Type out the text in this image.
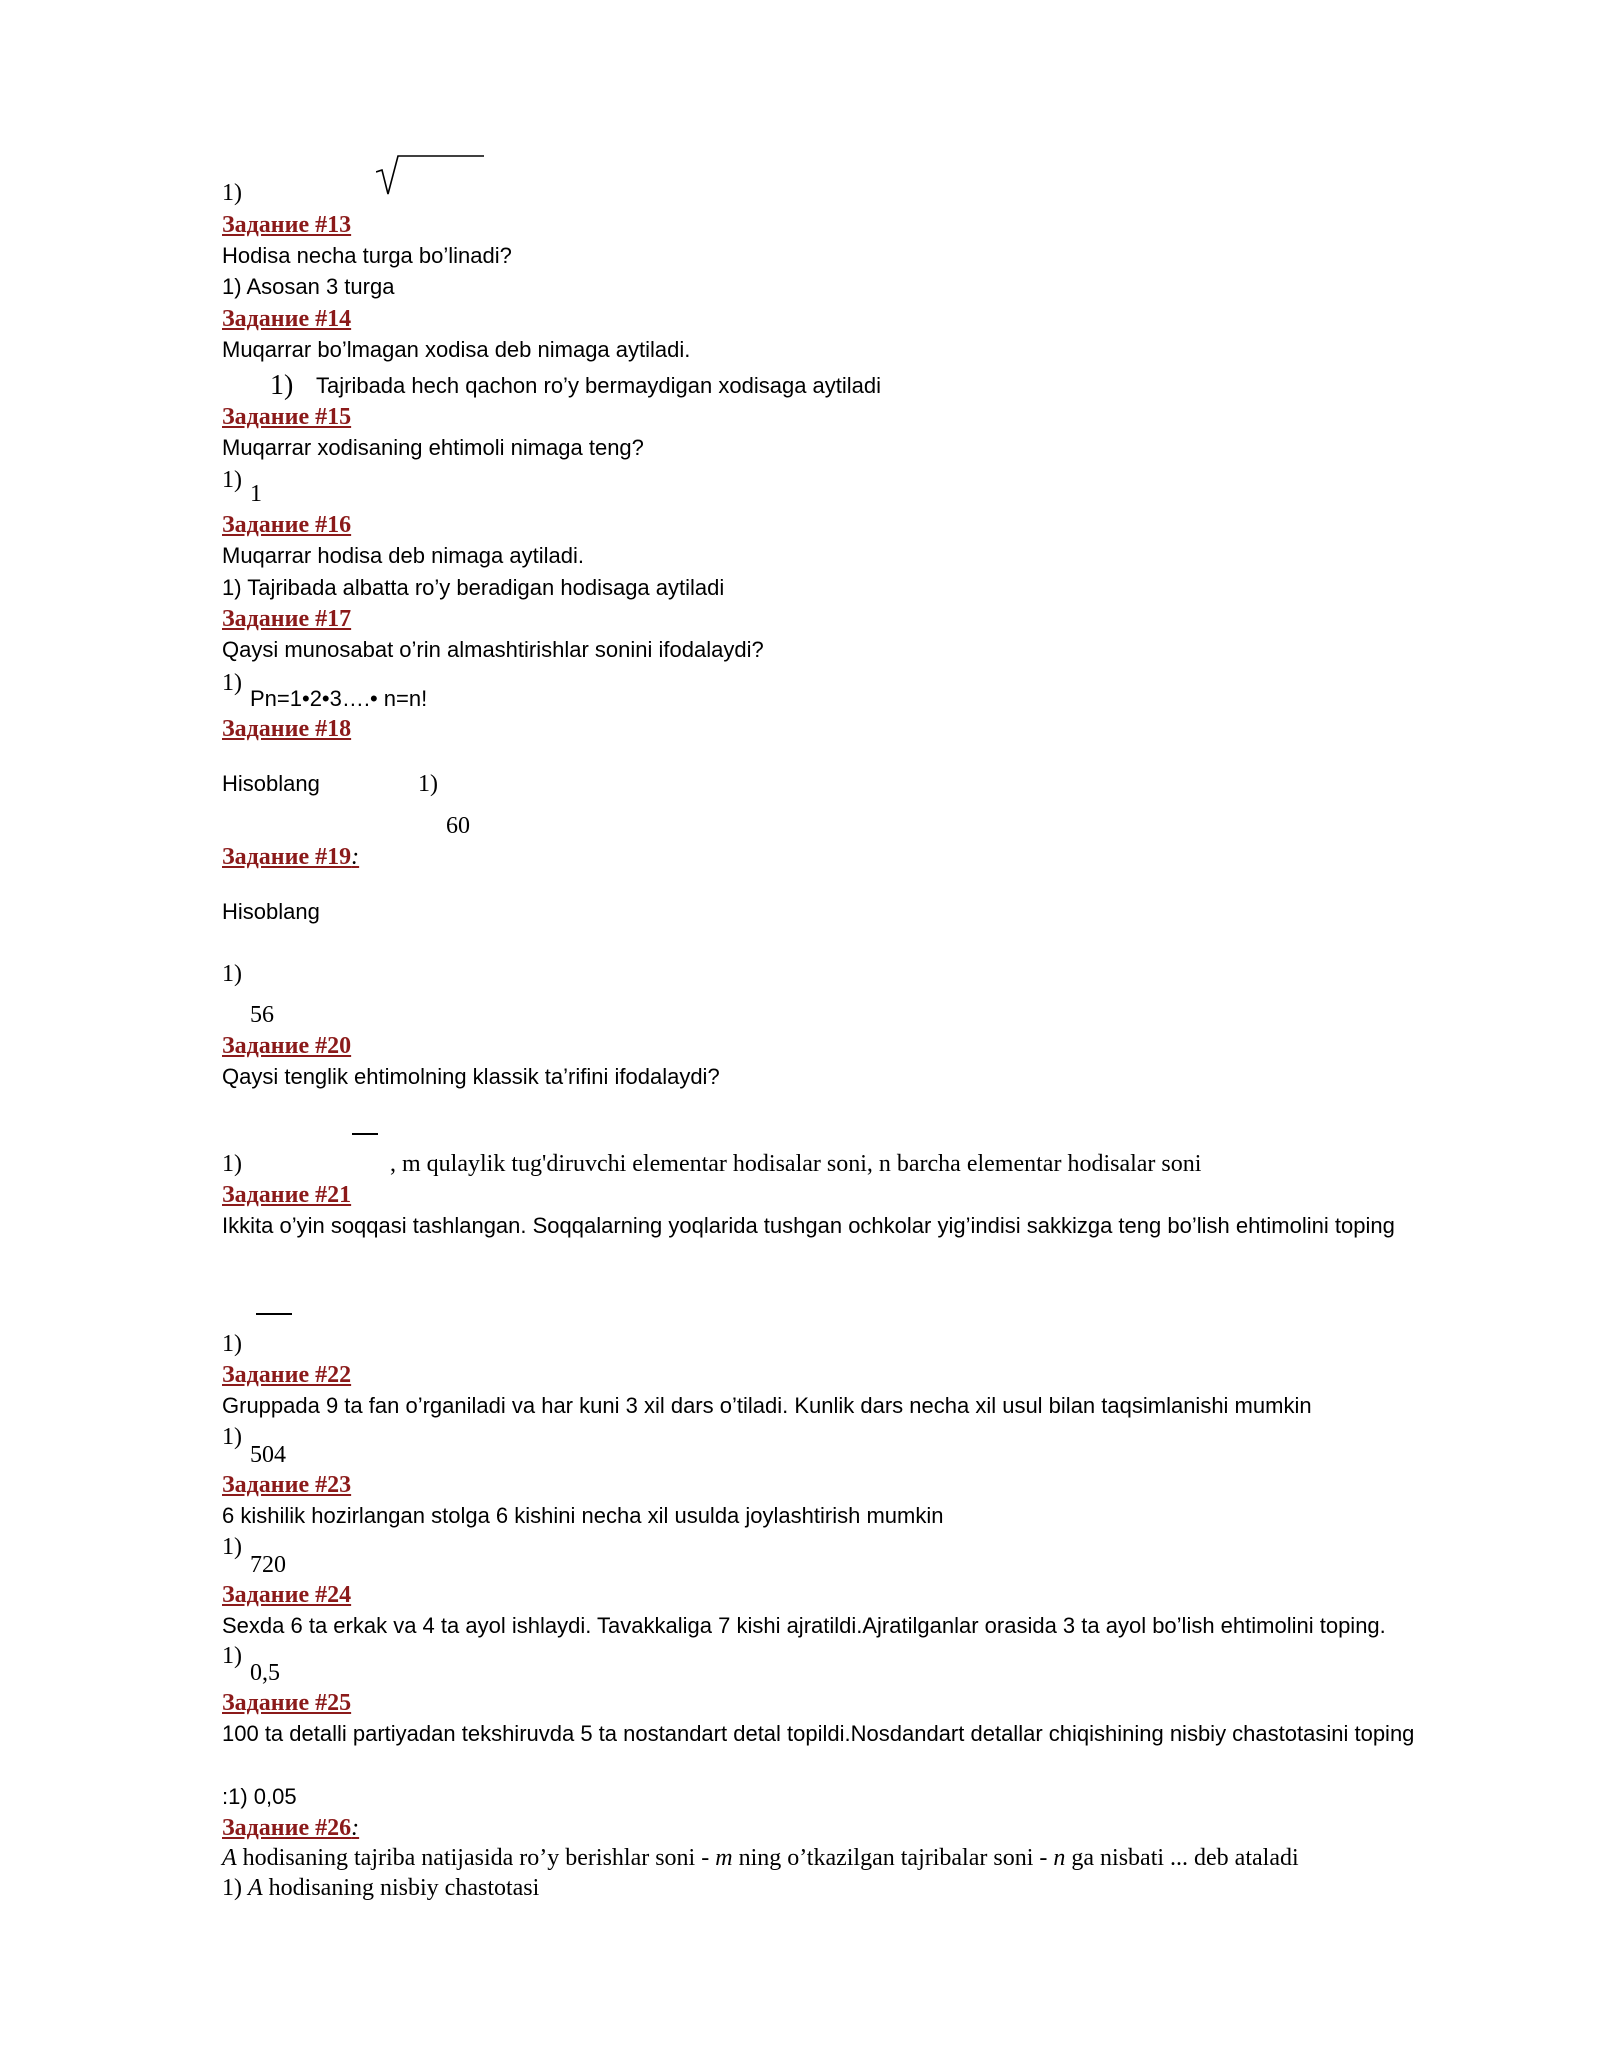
1)
Задание #13
Hodisa necha turga bo’linadi?
1) Asosan 3 turga
Задание #14
Muqarrar bo’lmagan xodisa deb nimaga aytiladi.
1) Tajribada hech qachon ro’y bermaydigan xodisaga aytiladi
Задание #15
Muqarrar xodisaning ehtimoli nimaga teng?
1)
1
Задание #16
Muqarrar hodisa deb nimaga aytiladi.
1) Tajribada albatta ro’y beradigan hodisaga aytiladi
Задание #17
Qaysi munosabat o’rin almashtirishlar sonini ifodalaydi?
1)
Pn=1•2•3….• n=n!
Задание #18
Hisoblang	1)
60
Задание #19:
Hisoblang
1)
56
Задание #20
Qaysi tenglik ehtimolning klassik ta’rifini ifodalaydi?
1)	, m qulaylik tug'diruvchi elementar hodisalar soni, n barcha elementar hodisalar soni
Задание #21
Ikkita o’yin soqqasi tashlangan. Soqqalarning yoqlarida tushgan ochkolar yig’indisi sakkizga teng bo’lish ehtimolini toping
1)
Задание #22
Gruppada 9 ta fan o’rganiladi va har kuni 3 xil dars o’tiladi. Kunlik dars necha xil usul bilan taqsimlanishi mumkin
1)
504
Задание #23
6 kishilik hozirlangan stolga 6 kishini necha xil usulda joylashtirish mumkin
1)
720
Задание #24
Sexda 6 ta erkak va 4 ta ayol ishlaydi. Tavakkaliga 7 kishi ajratildi.Ajratilganlar orasida 3 ta ayol bo’lish ehtimolini toping.
1)
0,5
Задание #25
100 ta detalli partiyadan tekshiruvda 5 ta nostandart detal topildi.Nosdandart detallar chiqishining nisbiy chastotasini toping
:1) 0,05
Задание #26:
A hodisaning tajriba natijasida ro’y berishlar soni - m ning o’tkazilgan tajribalar soni - n ga nisbati ... deb ataladi
1) A hodisaning nisbiy chastotasi
